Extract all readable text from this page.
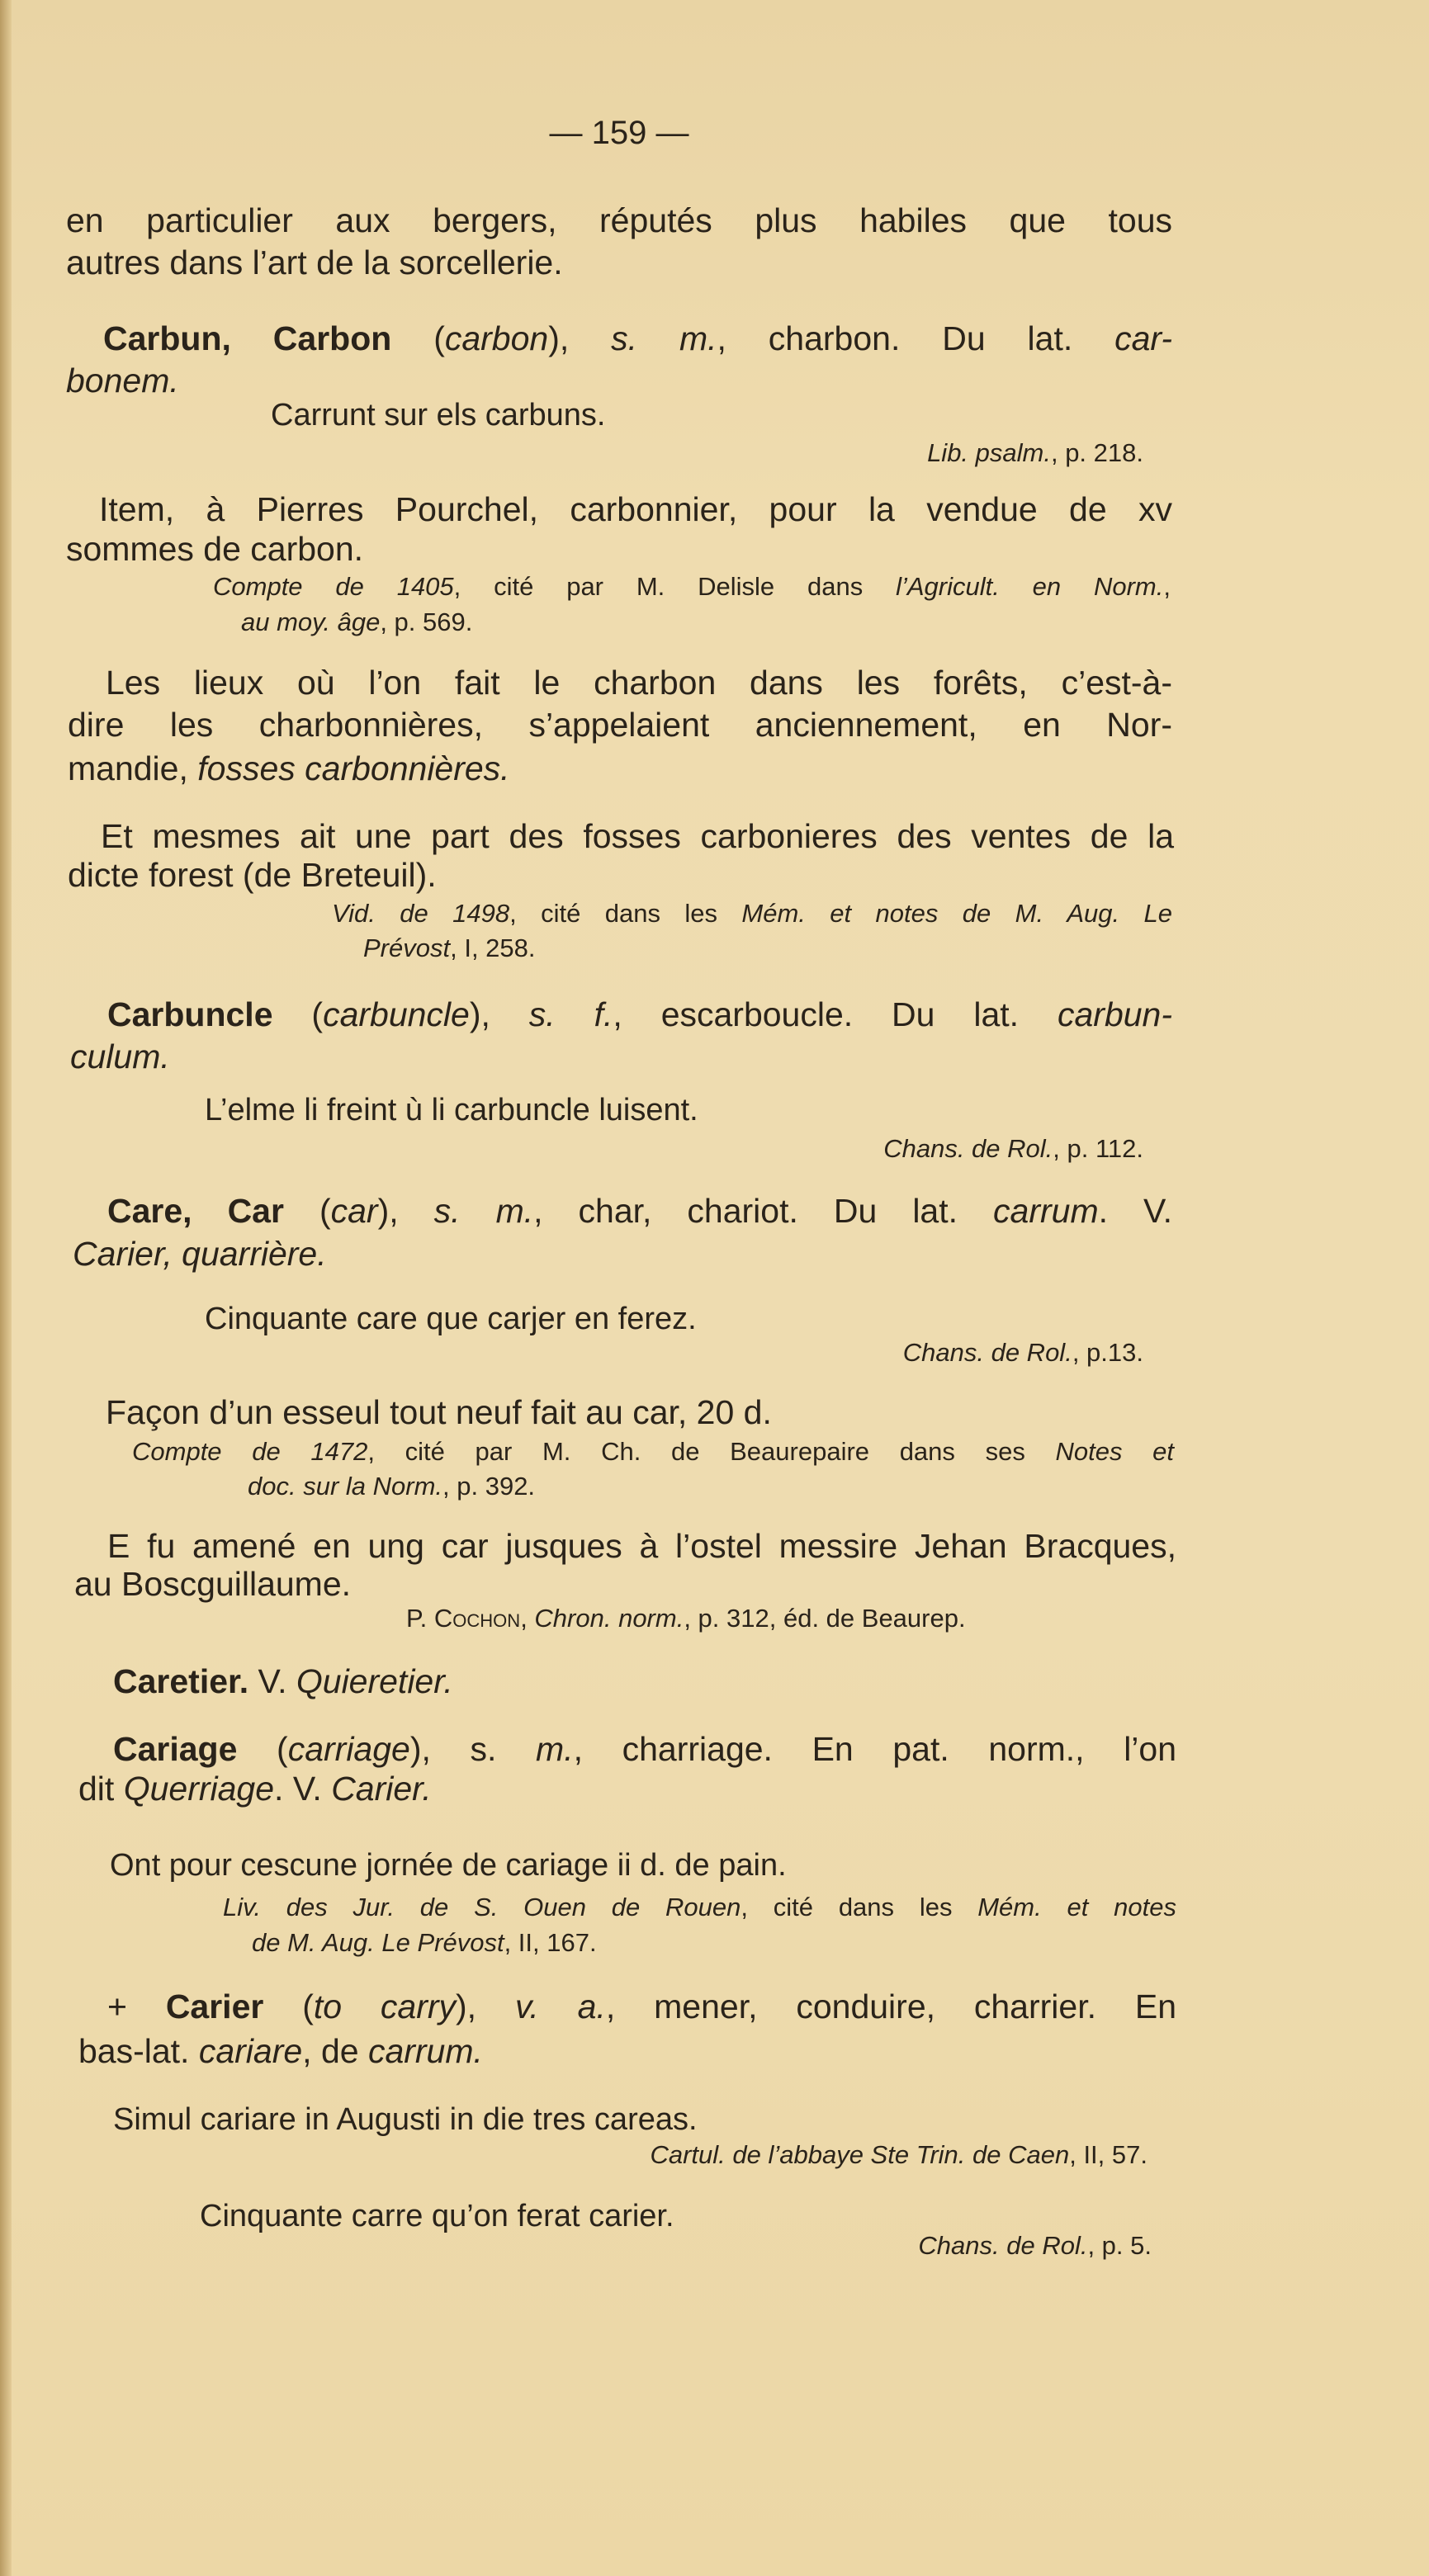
— 159 —
en particulier aux bergers, réputés plus habiles que tous
autres dans l’art de la sorcellerie.
Carbun, Carbon (carbon), s. m., charbon. Du lat. car-
bonem.
Carrunt sur els carbuns.
Lib. psalm., p. 218.
Item, à Pierres Pourchel, carbonnier, pour la vendue de xv
sommes de carbon.
Compte de 1405, cité par M. Delisle dans l’Agricult. en Norm.,
au moy. âge, p. 569.
Les lieux où l’on fait le charbon dans les forêts, c’est-à-
dire les charbonnières, s’appelaient anciennement, en Nor-
mandie, fosses carbonnières.
Et mesmes ait une part des fosses carbonieres des ventes de la
dicte forest (de Breteuil).
Vid. de 1498, cité dans les Mém. et notes de M. Aug. Le
Prévost, I, 258.
Carbuncle (carbuncle), s. f., escarboucle. Du lat. carbun-
culum.
L’elme li freint ù li carbuncle luisent.
Chans. de Rol., p. 112.
Care, Car (car), s. m., char, chariot. Du lat. carrum. V.
Carier, quarrière.
Cinquante care que carjer en ferez.
Chans. de Rol., p.13.
Façon d’un esseul tout neuf fait au car, 20 d.
Compte de 1472, cité par M. Ch. de Beaurepaire dans ses Notes et
doc. sur la Norm., p. 392.
E fu amené en ung car jusques à l’ostel messire Jehan Bracques,
au Boscguillaume.
P. Cochon, Chron. norm., p. 312, éd. de Beaurep.
Caretier. V. Quieretier.
Cariage (carriage), s. m., charriage. En pat. norm., l’on
dit Querriage. V. Carier.
Ont pour cescune jornée de cariage ii d. de pain.
Liv. des Jur. de S. Ouen de Rouen, cité dans les Mém. et notes
de M. Aug. Le Prévost, II, 167.
+ Carier (to carry), v. a., mener, conduire, charrier. En
bas-lat. cariare, de carrum.
Simul cariare in Augusti in die tres careas.
Cartul. de l’abbaye Ste Trin. de Caen, II, 57.
Cinquante carre qu’on ferat carier.
Chans. de Rol., p. 5.
